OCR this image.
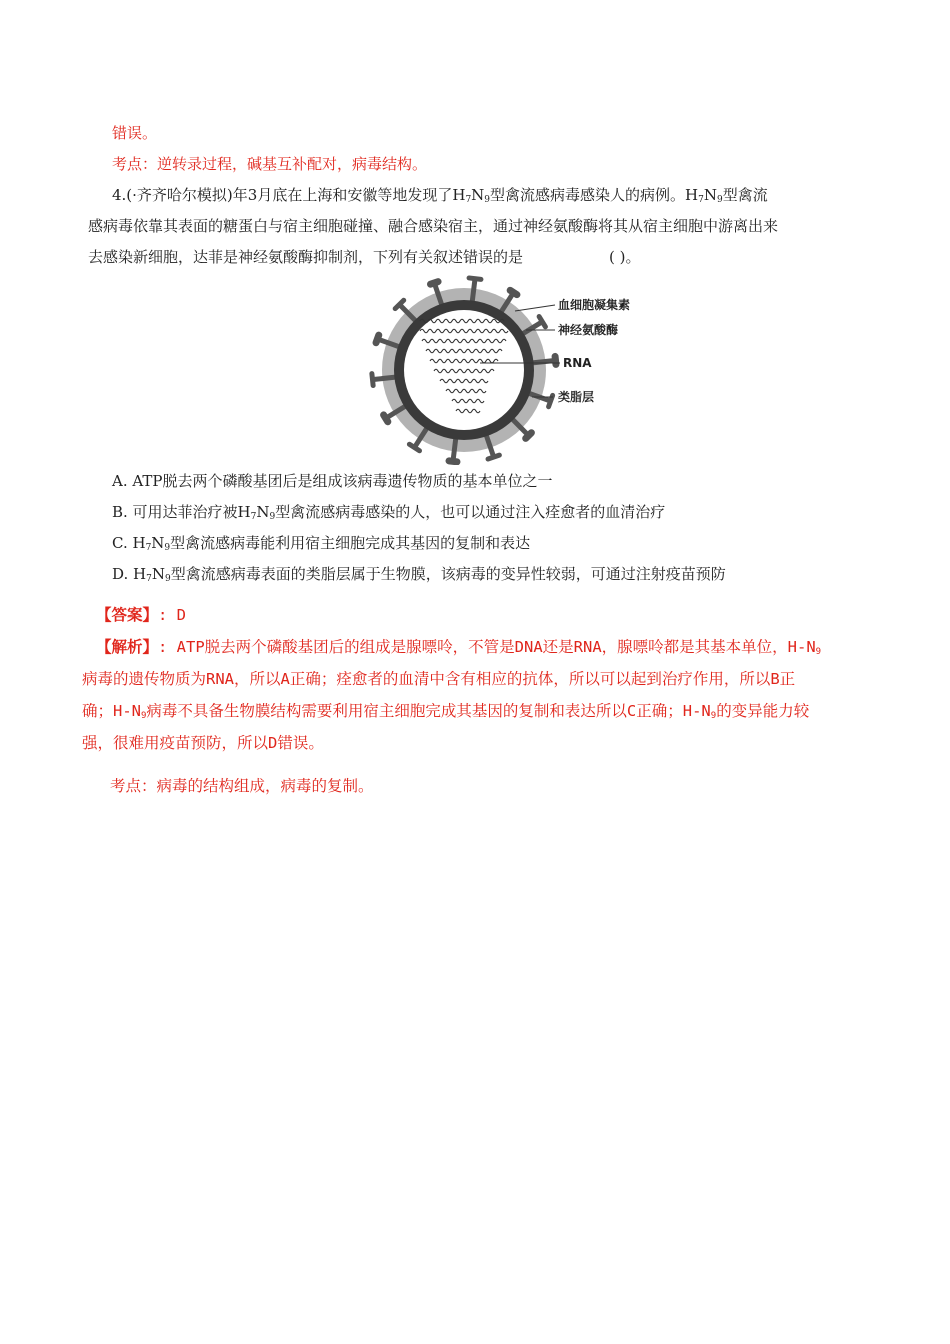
错误。
考点：逆转录过程，碱基互补配对，病毒结构。
4.(·齐齐哈尔模拟)年3月底在上海和安徽等地发现了$H_7N_9$型禽流感病毒感染人的病例。$H_7N_9$型禽流
感病毒依靠其表面的糖蛋白与宿主细胞碰撞、融合感染宿主，通过神经氨酸酶将其从宿主细胞中游离出来
去感染新细胞，达菲是神经氨酸酶抑制剂，下列有关叙述错误的是	( )。
血细胞凝集素
神经氨酸酶
RNA
类脂层
A. ATP脱去两个磷酸基团后是组成该病毒遗传物质的基本单位之一
B. 可用达菲治疗被$H_7N_9$型禽流感病毒感染的人，也可以通过注入痊愈者的血清治疗
C. $H_7N_9$型禽流感病毒能利用宿主细胞完成其基因的复制和表达
D. $H_7N_9$型禽流感病毒表面的类脂层属于生物膜，该病毒的变异性较弱，可通过注射疫苗预防
【答案】: D
【解析】: ATP脱去两个磷酸基团后的组成是腺嘌呤，不管是DNA还是RNA，腺嘌呤都是其基本单位，$H-N_9$
病毒的遗传物质为RNA，所以A正确；痊愈者的血清中含有相应的抗体，所以可以起到治疗作用，所以B正
确；$H-N_9$病毒不具备生物膜结构需要利用宿主细胞完成其基因的复制和表达所以C正确；$H-N_9$的变异能力较
强，很难用疫苗预防，所以D错误。
考点：病毒的结构组成，病毒的复制。
